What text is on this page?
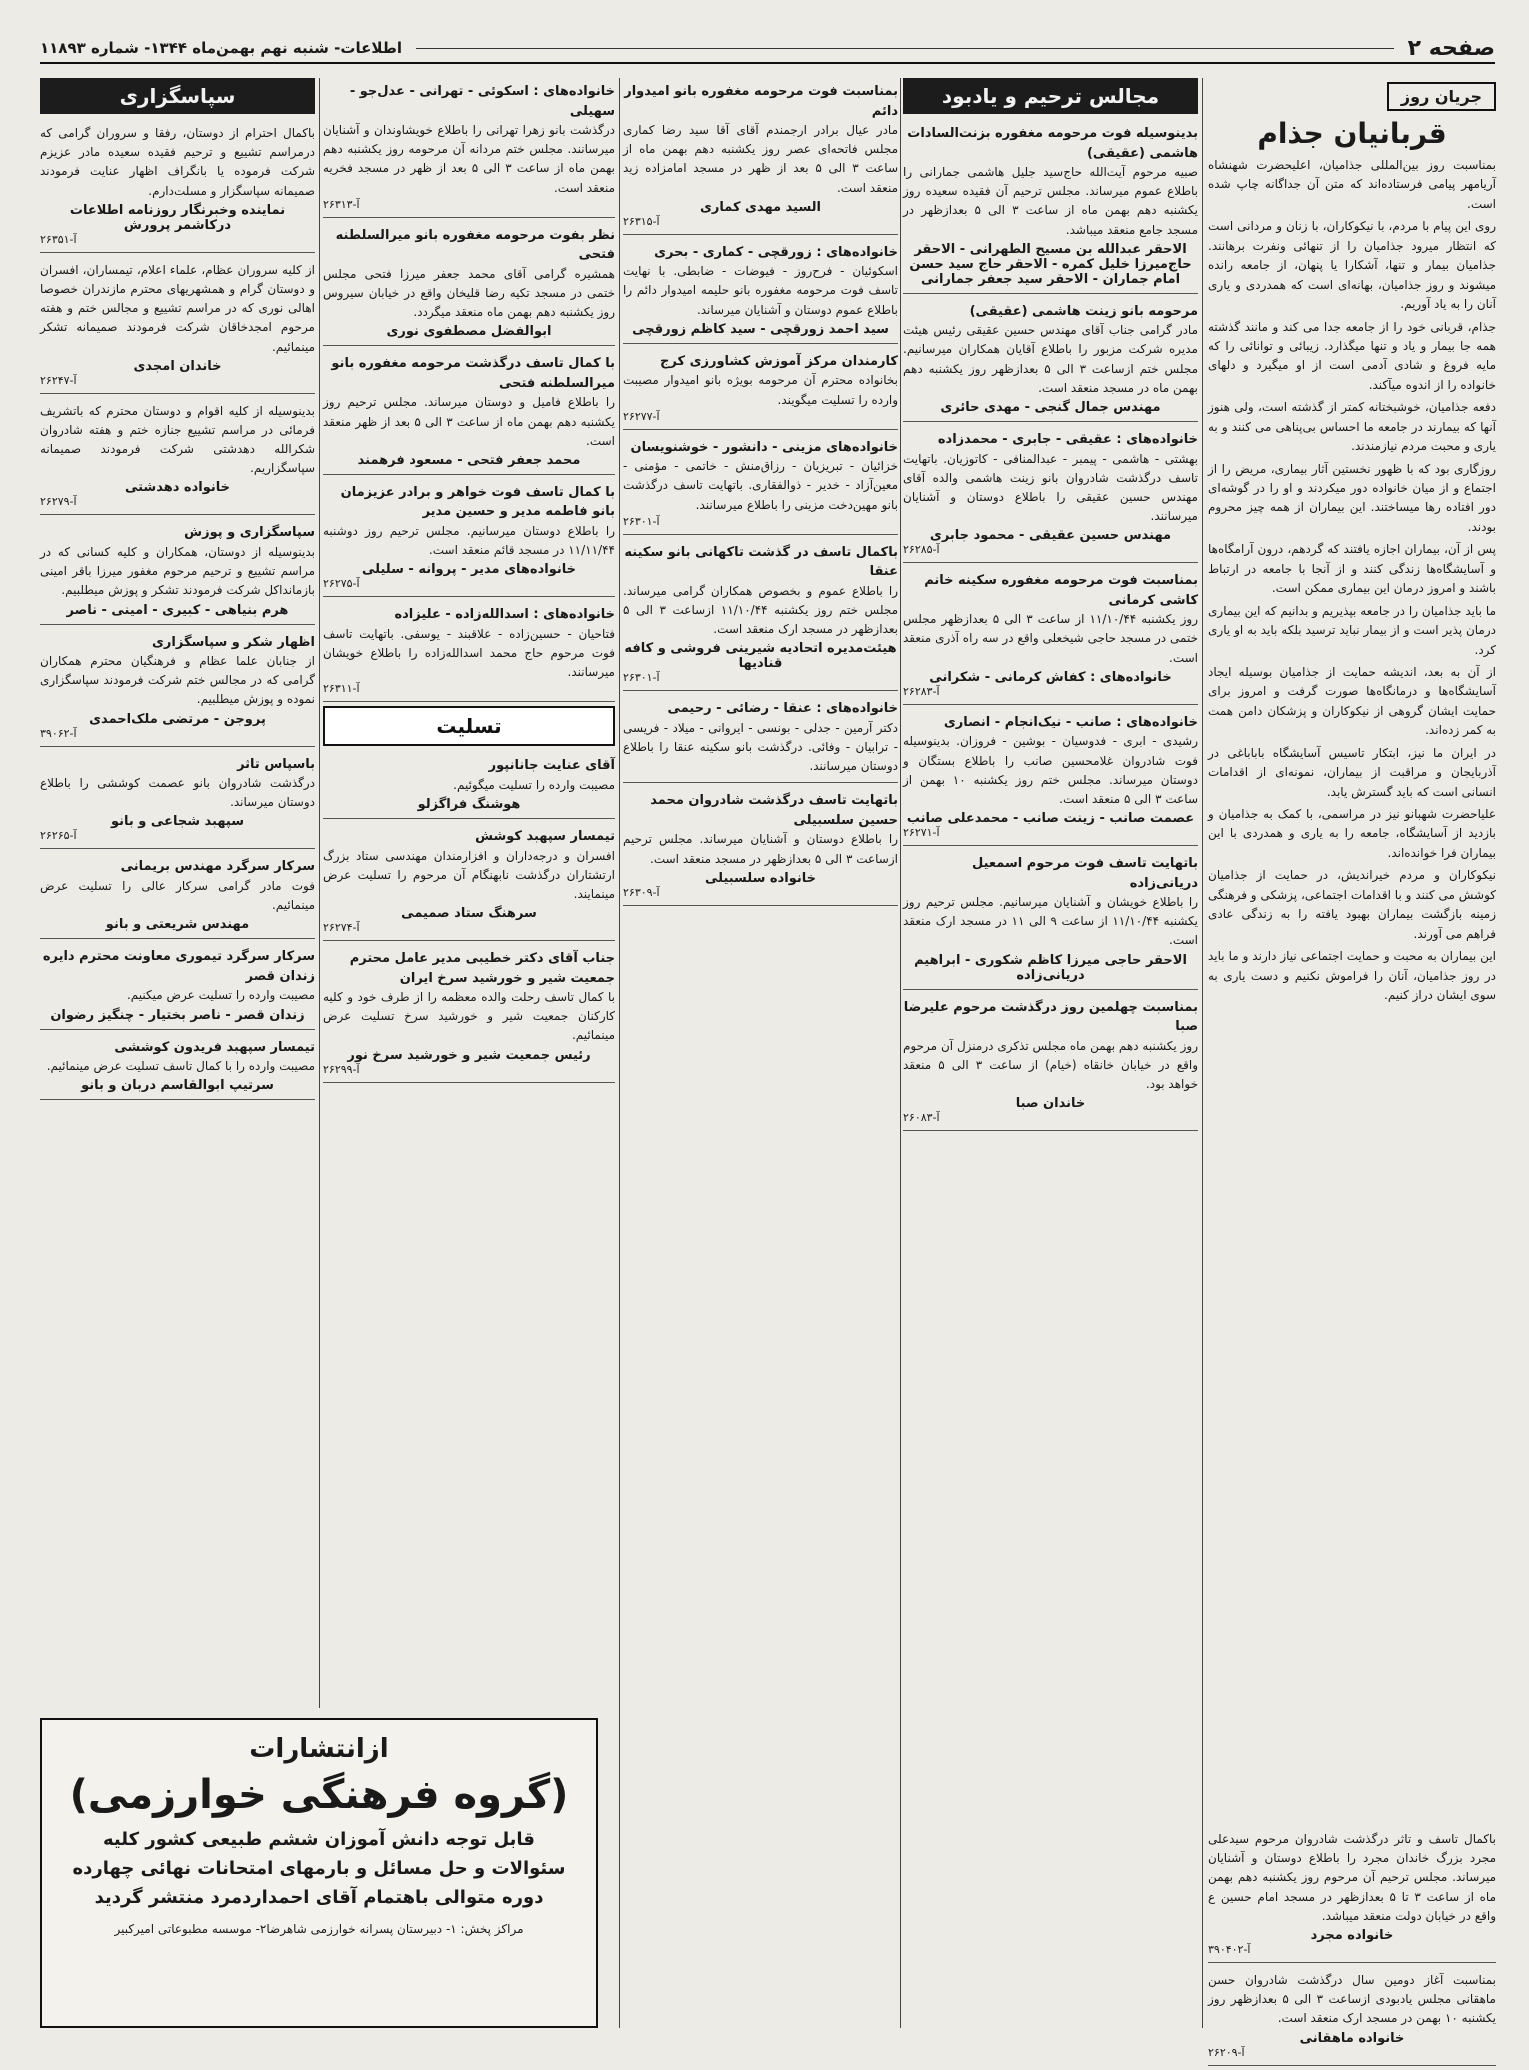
صفحه ۲
اطلاعات- شنبه نهم بهمن‌ماه ۱۳۴۴- شماره ۱۱۸۹۳
جریان روز
قربانیان جذام

بمناسبت روز بین‌المللی جذامیان، اعلیحضرت شهنشاه آریامهر پیامی فرستاده‌اند که متن آن جداگانه چاپ شده است.

روی این پیام با مردم، با نیکوکاران، با زنان و مردانی است که انتظار میرود جذامیان را از تنهائی ونفرت برهانند. جذامیان بیمار و تنها، آشکارا یا پنهان، از جامعه رانده میشوند و روز جذامیان، بهانه‌ای است که همدردی و یاری آنان را به یاد آوریم.

جذام، قربانی خود را از جامعه جدا می کند و مانند گذشته همه جا بیمار و یاد و تنها میگذارد. زیبائی و توانائی را که مایه فروغ و شادی آدمی است از او میگیرد و دلهای خانواده را از اندوه میآکند.

دفعه جذامیان، خوشبختانه کمتر از گذشته است، ولی هنوز آنها که بیمارند در جامعه ما احساس بی‌پناهی می کنند و به یاری و محبت مردم نیازمندند.

روزگاری بود که با ظهور نخستین آثار بیماری، مریض را از اجتماع و از میان خانواده دور میکردند و او را در گوشه‌ای دور افتاده رها میساختند. این بیماران از همه چیز محروم بودند.

پس از آن، بیماران اجازه یافتند که گردهم، درون آرامگاه‌ها و آسایشگاه‌ها زندگی کنند و از آنجا با جامعه در ارتباط باشند و امروز درمان این بیماری ممکن است.

ما باید جذامیان را در جامعه بپذیریم و بدانیم که این بیماری درمان پذیر است و از بیمار نباید ترسید بلکه باید به او یاری کرد.

از آن به بعد، اندیشه حمایت از جذامیان بوسیله ایجاد آسایشگاه‌ها و درمانگاه‌ها صورت گرفت و امروز برای حمایت ایشان گروهی از نیکوکاران و پزشکان دامن همت به کمر زده‌اند.

در ایران ما نیز، ابتکار تاسیس آسایشگاه بابا‌باغی در آذربایجان و مراقبت از بیماران، نمونه‌ای از اقدامات انسانی است که باید گسترش یابد.

علیاحضرت شهبانو نیز در مراسمی، با کمک به جذامیان و بازدید از آسایشگاه، جامعه را به یاری و همدردی با این بیماران فرا خوانده‌اند.

نیکوکاران و مردم خیراندیش، در حمایت از جذامیان کوشش می کنند و با اقدامات اجتماعی، پزشکی و فرهنگی زمینه بازگشت بیماران بهبود یافته را به زندگی عادی فراهم می آورند.

این بیماران به محبت و حمایت اجتماعی نیاز دارند و ما باید در روز جذامیان، آنان را فراموش نکنیم و دست یاری به سوی ایشان دراز کنیم.

باکمال تاسف و تاثر درگذشت شادروان مرحوم سیدعلی مجرد بزرگ خاندان مجرد را باطلاع دوستان و آشنایان میرساند. مجلس ترحیم آن مرحوم روز یکشنبه دهم بهمن ماه از ساعت ۳ تا ۵ بعدازظهر در مسجد امام حسین ع واقع در خیابان دولت منعقد میباشد.
خانواده مجرد
آ-۳۹۰۴۰۲
بمناسبت آغاز دومین سال درگذشت شادروان حسن ماهقانی مجلس یادبودی ازساعت ۳ الی ۵ بعدازظهر روز یکشنبه ۱۰ بهمن در مسجد ارک منعقد است.
خانواده ماهقانی
آ-۲۶۲۰۹
مجالس ترحیم و یادبود
بدینوسیله فوت مرحومه مغفوره بزنت‌السادات هاشمی (عقیقی)
صبیه مرحوم آیت‌الله حاج‌سید جلیل هاشمی جمارانی را باطلاع عموم میرساند. مجلس ترحیم آن فقیده سعیده روز یکشنبه دهم بهمن ماه از ساعت ۳ الی ۵ بعدازظهر در مسجد جامع منعقد میباشد.
الاحقر عبدالله بن مسیح الطهرانی - الاحقر حاج‌میرزا خلیل کمره - الاحقر حاج سید حسن امام جماران - الاحقر سید جعفر جمارانی
مرحومه بانو زینت هاشمی (عقیقی)
مادر گرامی جناب آقای مهندس حسین عقیقی رئیس هیئت مدیره شرکت مزبور را باطلاع آقایان همکاران میرسانیم. مجلس ختم ازساعت ۳ الی ۵ بعدازظهر روز یکشنبه دهم بهمن ماه در مسجد منعقد است.
مهندس جمال گنجی - مهدی حائری
خانواده‌های : عقیقی - جابری - محمدزاده
بهشتی - هاشمی - پیمبر - عبدالمنافی - کاتوزیان. باتهایت تاسف درگذشت شادروان بانو زینت هاشمی والده آقای مهندس حسین عقیقی را باطلاع دوستان و آشنایان میرسانند.
مهندس حسین عقیقی - محمود جابری
آ-۲۶۲۸۵
بمناسبت فوت مرحومه مغفوره سکینه خانم کاشی کرمانی
روز یکشنبه ۱۱/۱۰/۴۴ از ساعت ۳ الی ۵ بعدازظهر مجلس ختمی در مسجد حاجی شیخعلی واقع در سه راه آذری منعقد است.
خانواده‌های : کفاش کرمانی - شکرانی
آ-۲۶۲۸۳
خانواده‌های : صانب - نیک‌انجام - انصاری
رشیدی - ابری - فدوسیان - بوشین - فروزان. بدینوسیله فوت شادروان غلامحسین صانب را باطلاع بستگان و دوستان میرساند. مجلس ختم روز یکشنبه ۱۰ بهمن از ساعت ۳ الی ۵ منعقد است.
عصمت صانب - زینت صانب - محمدعلی صانب
آ-۲۶۲۷۱
باتهایت تاسف فوت مرحوم اسمعیل دریانی‌زاده
را باطلاع خویشان و آشنایان میرسانیم. مجلس ترحیم روز یکشنبه ۱۱/۱۰/۴۴ از ساعت ۹ الی ۱۱ در مسجد ارک منعقد است.
الاحقر حاجی میرزا کاظم شکوری - ابراهیم دریانی‌زاده
بمناسبت چهلمین روز درگذشت مرحوم علیرضا صبا
روز یکشنبه دهم بهمن ماه مجلس تذکری درمنزل آن مرحوم واقع در خیابان خانقاه (خیام) از ساعت ۳ الی ۵ منعقد خواهد بود.
خاندان صبا
آ-۲۶۰۸۳
بمناسبت فوت مرحومه مغفوره بانو امیدوار دائم
مادر عیال برادر ارجمندم آقای آقا سید رضا کماری مجلس فاتحه‌ای عصر روز یکشنبه دهم بهمن ماه از ساعت ۳ الی ۵ بعد از ظهر در مسجد امامزاده زید منعقد است.
السید مهدی کماری
آ-۲۶۳۱۵
خانواده‌های : زورقچی - کماری - بحری
اسکوئیان - فرح‌روز - فیوضات - ضابطی. با نهایت تاسف فوت مرحومه مغفوره بانو حلیمه امیدوار دائم را باطلاع عموم دوستان و آشنایان میرساند.
سید احمد زورقچی - سید کاظم زورقچی
کارمندان مرکز آموزش کشاورزی کرج
بخانواده محترم آن مرحومه بویژه بانو امیدوار مصیبت وارده را تسلیت میگویند.
آ-۲۶۲۷۷
خانواده‌های مزینی - دانشور - خوشنویسان
خزائیان - تبریزیان - رزاق‌منش - خاتمی - مؤمنی - معین‌آزاد - خدیر - ذوالفقاری. باتهایت تاسف درگذشت بانو مهین‌دخت مزینی را باطلاع میرسانند.
آ-۲۶۳۰۱
باکمال تاسف در گذشت تاکهانی بانو سکینه عنقا
را باطلاع عموم و بخصوص همکاران گرامی میرساند. مجلس ختم روز یکشنبه ۱۱/۱۰/۴۴ ازساعت ۳ الی ۵ بعدازظهر در مسجد ارک منعقد است.
هیئت‌مدیره اتحادیه شیرینی فروشی و کافه قنادیها
آ-۲۶۳۰۱
خانواده‌های : عنقا - رضائی - رحیمی
دکتر آرمین - جدلی - بونسی - ایروانی - میلاد - فریسی - ترابیان - وفائی. درگذشت بانو سکینه عنقا را باطلاع دوستان میرسانند.
باتهایت تاسف درگذشت شادروان محمد حسین سلسبیلی
را باطلاع دوستان و آشنایان میرساند. مجلس ترحیم ازساعت ۳ الی ۵ بعدازظهر در مسجد منعقد است.
خانواده سلسبیلی
آ-۲۶۳۰۹
خانواده‌های : اسکوئی - تهرانی - عدل‌جو - سهیلی
درگذشت بانو زهرا تهرانی را باطلاع خویشاوندان و آشنایان میرسانند. مجلس ختم مردانه آن مرحومه روز یکشنبه دهم بهمن ماه از ساعت ۳ الی ۵ بعد از ظهر در مسجد فخریه منعقد است.
آ-۲۶۳۱۳
نظر بفوت مرحومه مغفوره بانو میرالسلطنه فتحی
همشیره گرامی آقای محمد جعفر میرزا فتحی مجلس ختمی در مسجد تکیه رضا قلیخان واقع در خیابان سیروس روز یکشنبه دهم بهمن ماه منعقد میگردد.
ابوالفضل مصطفوی نوری
با کمال تاسف درگذشت مرحومه مغفوره بانو میرالسلطنه فتحی
را باطلاع فامیل و دوستان میرساند. مجلس ترحیم روز یکشنبه دهم بهمن ماه از ساعت ۳ الی ۵ بعد از ظهر منعقد است.
محمد جعفر فتحی - مسعود فرهمند
با کمال تاسف فوت خواهر و برادر عزیزمان بانو فاطمه مدیر و حسین مدیر
را باطلاع دوستان میرسانیم. مجلس ترحیم روز دوشنبه ۱۱/۱۱/۴۴ در مسجد قائم منعقد است.
خانواده‌های مدیر - پروانه - سلیلی
آ-۲۶۲۷۵
خانواده‌های : اسدالله‌زاده - علیزاده
فتاحیان - حسین‌زاده - علاقبند - یوسفی. باتهایت تاسف فوت مرحوم حاج محمد اسدالله‌زاده را باطلاع خویشان میرسانند.
آ-۲۶۳۱۱
تسلیت
آقای عنایت جانانپور
مصیبت وارده را تسلیت میگوئیم.
هوشنگ فراگزلو
تیمسار سپهبد کوشش
افسران و درجه‌داران و افزارمندان مهندسی ستاد بزرگ ارتشتاران درگذشت نابهنگام آن مرحوم را تسلیت عرض مینمایند.
سرهنگ ستاد صمیمی
آ-۲۶۲۷۴
جناب آقای دکتر خطیبی مدیر عامل محترم جمعیت شیر و خورشید سرخ ایران
با کمال تاسف رحلت والده معظمه را از طرف خود و کلیه کارکنان جمعیت شیر و خورشید سرخ تسلیت عرض مینمائیم.
رئیس جمعیت شیر و خورشید سرخ نور
آ-۲۶۲۹۹
سپاسگزاری
باکمال احترام از دوستان، رفقا و سروران گرامی که درمراسم تشییع و ترحیم فقیده سعیده مادر عزیزم شرکت فرموده یا بانگراف اظهار عنایت فرمودند صمیمانه سپاسگزار و مسلت‌دارم.
نماینده وخبرنگار روزنامه اطلاعات درکاشمر پرورش
آ-۲۶۳۵۱
از کلیه سروران عظام، علماء اعلام، تیمساران، افسران و دوستان گرام و همشهریهای محترم مازندران خصوصا اهالی نوری که در مراسم تشییع و مجالس ختم و هفته مرحوم امجدخاقان شرکت فرمودند صمیمانه تشکر مینمائیم.
خاندان امجدی
آ-۲۶۲۴۷
بدینوسیله از کلیه اقوام و دوستان محترم که باتشریف فرمائی در مراسم تشییع جنازه ختم و هفته شادروان شکرالله دهدشتی شرکت فرمودند صمیمانه سپاسگزاریم.
خانواده دهدشتی
آ-۲۶۲۷۹
سپاسگزاری و پوزش
بدینوسیله از دوستان، همکاران و کلیه کسانی که در مراسم تشییع و ترحیم مرحوم مغفور میرزا باقر امینی بازمانداکل شرکت فرمودند تشکر و پوزش میطلبیم.
هرم بنیاهی - کبیری - امینی - ناصر
اظهار شکر و سپاسگزاری
از جنابان علما عظام و فرهنگیان محترم همکاران گرامی که در مجالس ختم شرکت فرمودند سپاسگزاری نموده و پوزش میطلبیم.
پروجن - مرتضی ملک‌احمدی
آ-۳۹۰۶۲
باسپاس تاثر
درگذشت شادروان بانو عصمت کوششی را باطلاع دوستان میرساند.
سپهبد شجاعی و بانو
آ-۲۶۲۶۵
سرکار سرگرد مهندس بریمانی
فوت مادر گرامی سرکار عالی را تسلیت عرض مینمائیم.
مهندس شریعتی و بانو
سرکار سرگرد تیموری معاونت محترم دایره زندان قصر
مصیبت وارده را تسلیت عرض میکنیم.
زندان قصر - ناصر بختیار - چنگیز رضوان
تیمسار سپهبد فریدون کوششی
مصیبت وارده را با کمال تاسف تسلیت عرض مینمائیم.
سرتیپ ابوالقاسم دربان و بانو
ازانتشارات
(گروه فرهنگی خوارزمی)
قابل توجه دانش آموزان ششم طبیعی کشور کلیه
سئوالات و حل مسائل و بارمهای امتحانات نهائی چهارده
دوره متوالی باهتمام آقای احمداردمرد منتشر گردید
مراکز پخش: ۱- دبیرستان پسرانه خوارزمی شاهرضا۲- موسسه مطبوعاتی امیرکبیر
